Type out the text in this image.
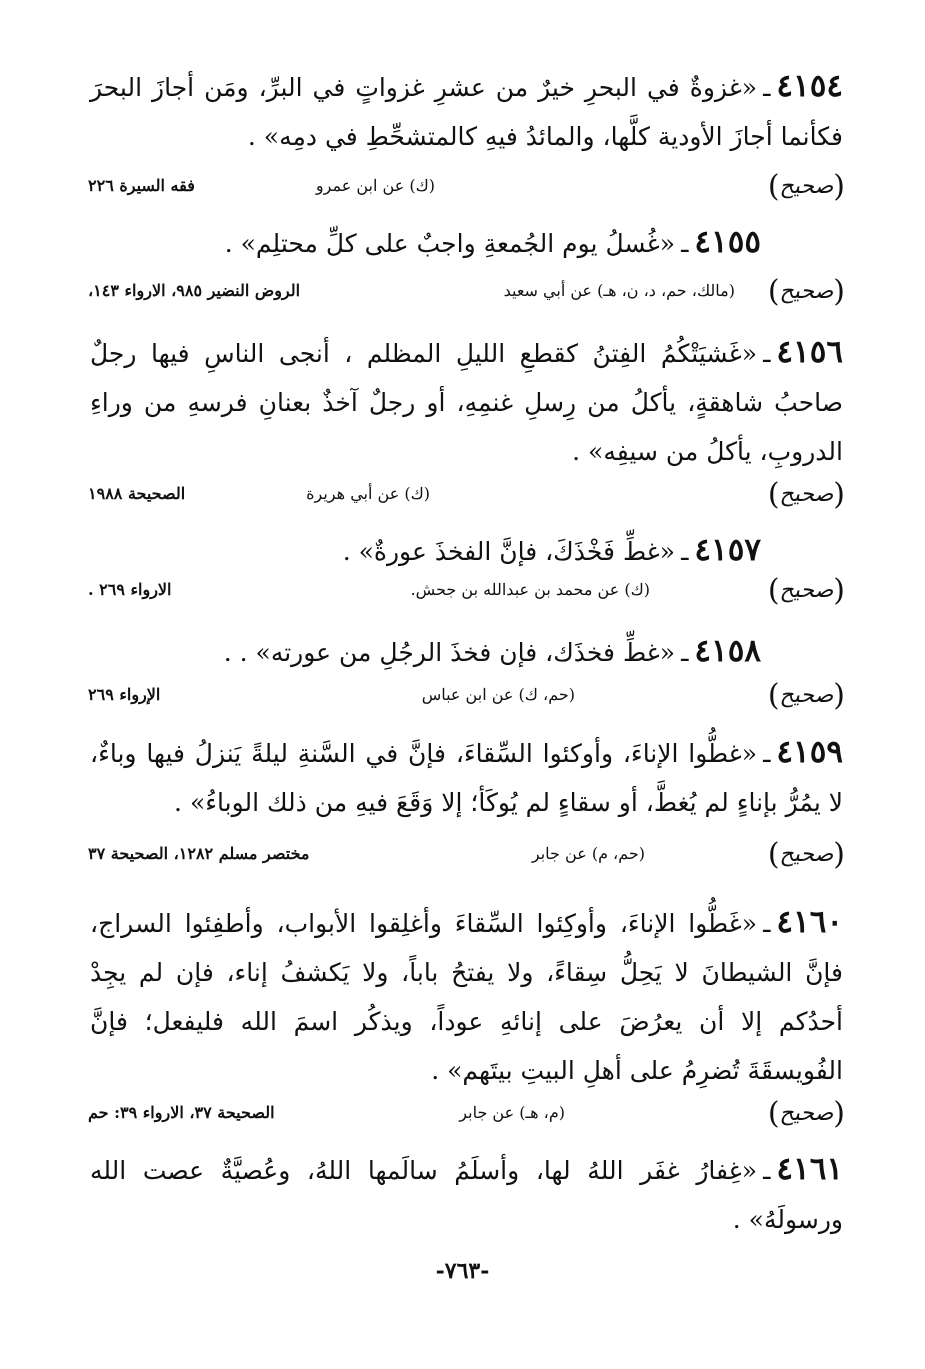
٤١٥٤ـ«غزوةٌ في البحرِ خيرٌ من عشرِ غزواتٍ في البرِّ، ومَن أجازَ البحرَ فكأنما أجازَ الأودية كلَّها، والمائدُ فيهِ كالمتشحِّطِ في دمِه» .

(صحيح)
(ك) عن ابن عمرو
فقه السيرة ٢٢٦

٤١٥٥ـ«غُسلُ يوم الجُمعةِ واجبٌ على كلِّ محتلِم» .

(صحيح)
(مالك، حم، د، ن، هـ) عن أبي سعيد
الروض النضير ٩٨٥، الارواء ١٤٣،

٤١٥٦ـ«غَشيَتْكُمُ الفِتنُ كقطعِ الليلِ المظلم ، أنجى الناسِ فيها رجلٌ صاحبُ شاهقةٍ، يأكلُ من رِسلِ غنمِهِ، أو رجلٌ آخذٌ بعنانِ فرسهِ من وراءِ الدروبِ، يأكلُ من سيفِه» .

(صحيح)
(ك) عن أبي هريرة
الصحيحة ١٩٨٨

٤١٥٧ـ«غطِّ فَخْذَكَ، فإنَّ الفخذَ عورةٌ» .

(صحيح)
(ك) عن محمد بن عبدالله بن جحش.
الارواء ٢٦٩ .

٤١٥٨ـ«غطِّ فخذَك، فإن فخذَ الرجُلِ من عورته» . .

(صحيح)
(حم، ك) عن ابن عباس
الإرواء ٢٦٩

٤١٥٩ـ«غطُّوا الإناءَ، وأوكئوا السِّقاءَ، فإنَّ في السَّنةِ ليلةً يَنزلُ فيها وباءٌ، لا يمُرُّ بإناءٍ لم يُغطَّ، أو سقاءٍ لم يُوكَأ؛ إلا وَقَعَ فيهِ من ذلك الوباءُ» .

(صحيح)
(حم، م) عن جابر
مختصر مسلم ١٢٨٢، الصحيحة ٣٧

٤١٦٠ـ«غَطُّوا الإناءَ، وأوكِئوا السِّقاءَ وأغلِقوا الأبواب، وأطفِئوا السراج، فإنَّ الشيطانَ لا يَحِلُّ سِقاءً، ولا يفتحُ باباً، ولا يَكشفُ إناء، فإن لم يجِدْ أحدُكم إلا أن يعرُضَ على إنائهِ عوداً، ويذكُر اسمَ الله فليفعل؛ فإنَّ الفُويسقَةَ تُضرِمُ على أهلِ البيتِ بيتَهم» .

(صحيح)
(م، هـ) عن جابر
الصحيحة ٣٧، الارواء ٣٩: حم

٤١٦١ـ«غِفارُ غفَر اللهُ لها، وأسلَمُ سالَمها اللهُ، وعُصيَّةٌ عصت الله ورسولَهُ» .

-٧٦٣-
